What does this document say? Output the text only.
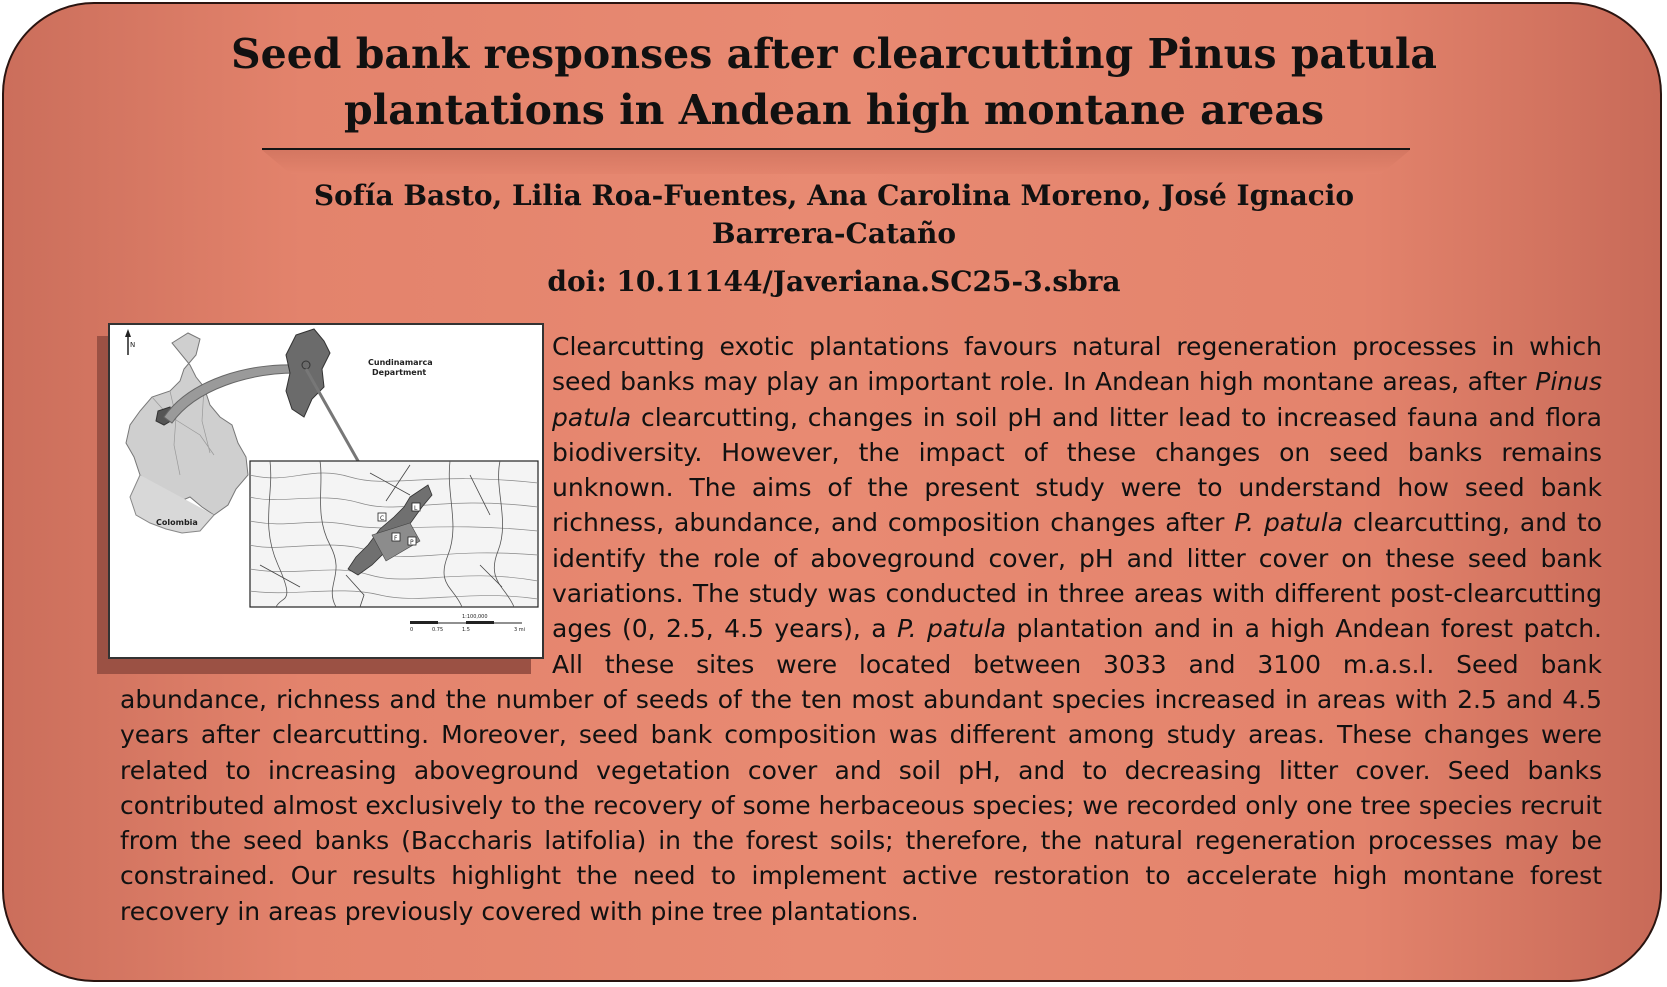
Seed bank responses after clearcutting Pinus patula plantations in Andean high montane areas

Sofía Basto, Lilia Roa-Fuentes, Ana Carolina Moreno, José Ignacio Barrera-Cataño

doi: 10.11144/Javeriana.SC25-3.sbra

N
Cundinamarca
Department
Colombia	C
L
F
P
1:100,000
0	0.75	1.5	3 mi

Clearcutting exotic plantations favours natural regeneration processes in which seed banks may play an important role. In Andean high montane areas, after Pinus patula clearcutting, changes in soil pH and litter lead to increased fauna and flora biodiversity. However, the impact of these changes on seed banks remains unknown. The aims of the present study were to understand how seed bank richness, abundance, and composition changes after P. patula clearcutting, and to identify the role of aboveground cover, pH and litter cover on these seed bank variations. The study was conducted in three areas with different post-clearcutting ages (0, 2.5, 4.5 years), a P. patula plantation and in a high Andean forest patch. All these sites were located between 3033 and 3100 m.a.s.l. Seed bank abundance, richness and the number of seeds of the ten most abundant species increased in areas with 2.5 and 4.5 years after clearcutting. Moreover, seed bank composition was different among study areas. These changes were related to increasing aboveground vegetation cover and soil pH, and to decreasing litter cover. Seed banks contributed almost exclusively to the recovery of some herbaceous species; we recorded only one tree species recruit from the seed banks (Baccharis latifolia) in the forest soils; therefore, the natural regeneration processes may be constrained. Our results highlight the need to implement active restoration to accelerate high montane forest recovery in areas previously covered with pine tree plantations.
